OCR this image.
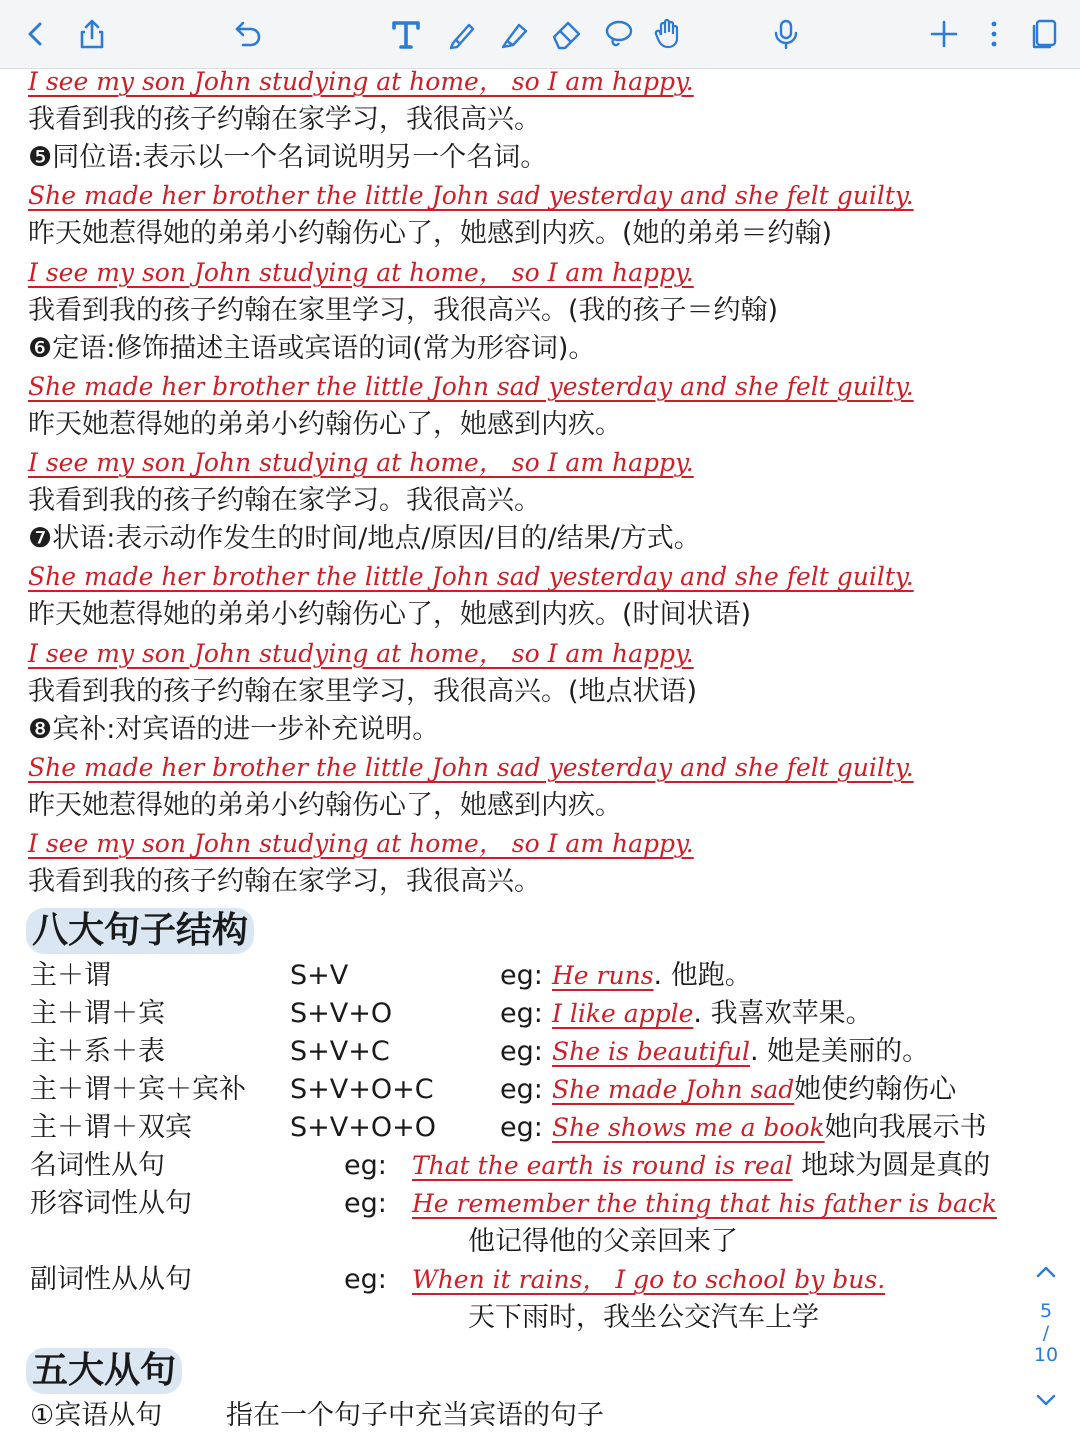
I see my son John studying at home， so I am happy.
我看到我的孩子约翰在家学习，我很高兴。
❺同位语:表示以一个名词说明另一个名词。
She made her brother the little John sad yesterday and she felt guilty.
昨天她惹得她的弟弟小约翰伤心了，她感到内疚。(她的弟弟＝约翰)
I see my son John studying at home， so I am happy.
我看到我的孩子约翰在家里学习，我很高兴。(我的孩子＝约翰)
❻定语:修饰描述主语或宾语的词(常为形容词)。
She made her brother the little John sad yesterday and she felt guilty.
昨天她惹得她的弟弟小约翰伤心了，她感到内疚。
I see my son John studying at home， so I am happy.
我看到我的孩子约翰在家学习。我很高兴。
❼状语:表示动作发生的时间/地点/原因/目的/结果/方式。
She made her brother the little John sad yesterday and she felt guilty.
昨天她惹得她的弟弟小约翰伤心了，她感到内疚。(时间状语)
I see my son John studying at home， so I am happy.
我看到我的孩子约翰在家里学习，我很高兴。(地点状语)
❽宾补:对宾语的进一步补充说明。
She made her brother the little John sad yesterday and she felt guilty.
昨天她惹得她的弟弟小约翰伤心了，她感到内疚。
I see my son John studying at home， so I am happy.
我看到我的孩子约翰在家学习，我很高兴。
八大句子结构
主＋谓	S+V	eg: He runs. 他跑。
主＋谓＋宾	S+V+O	eg: I like apple. 我喜欢苹果。
主＋系＋表	S+V+C	eg: She is beautiful. 她是美丽的。
主＋谓＋宾＋宾补 S+V+O+C eg: She made John sad她使约翰伤心
主＋谓＋双宾	S+V+O+O eg: She shows me a book她向我展示书
名词性从句	eg: That the earth is round is real 地球为圆是真的
形容词性从句	eg: He remember the thing that his father is back
他记得他的父亲回来了
副词性从从句	eg: When it rains， I go to school by bus.
天下雨时，我坐公交汽车上学
五大从句
①宾语从句 指在一个句子中充当宾语的句子
5
/
10
